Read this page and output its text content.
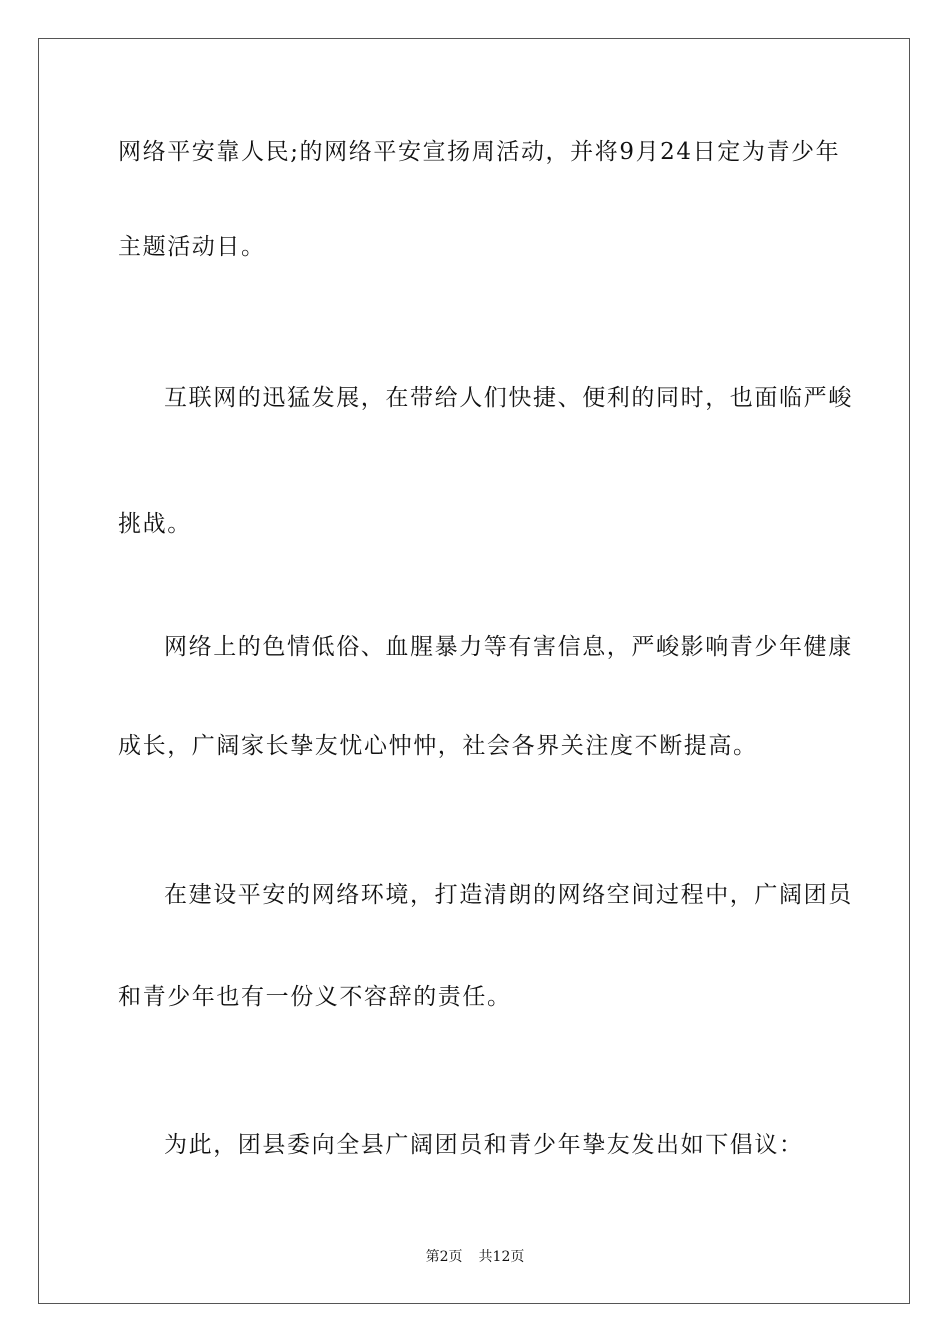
网络平安靠人民;的网络平安宣扬周活动，并将9月24日定为青少年
主题活动日。
互联网的迅猛发展，在带给人们快捷、便利的同时，也面临严峻
挑战。
网络上的色情低俗、血腥暴力等有害信息，严峻影响青少年健康
成长，广阔家长挚友忧心忡忡，社会各界关注度不断提高。
在建设平安的网络环境，打造清朗的网络空间过程中，广阔团员
和青少年也有一份义不容辞的责任。
为此，团县委向全县广阔团员和青少年挚友发出如下倡议：
第2页 共12页
